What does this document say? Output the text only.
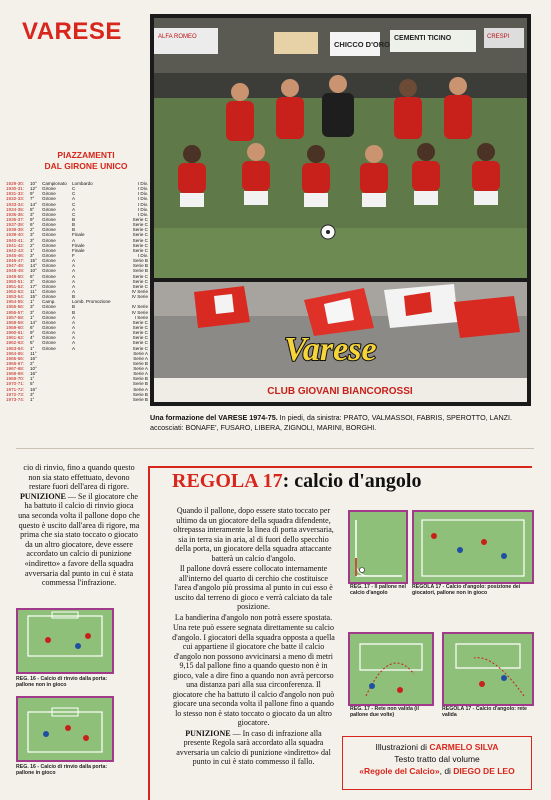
VARESE
PIAZZAMENTI
DAL GIRONE UNICO
1929-30:	10°	Campionato	Lombardo	I Div.
1930-31:	12°	Girone	C	I Div.
1931-32:	9°	Girone	C	I Div.
1932-33:	7°	Girone	A	I Div.
1933-34:	14°	Girone	C	I Div.
1934-35:	8°	Girone	A	I Div.
1935-36:	3°	Girone	C	I Div.
1936-37:	9°	Girone	B	Serie C
1937-38:	6°	Girone	B	Serie C
1938-39:	2°	Girone	B	Serie C
1939-40:	3°	Girone	Finale	Serie C
1940-41:	3°	Girone	A	Serie C
1941-42:	2°	Girone	Finale	Serie C
1942-43:	1°	Girone	Finale	Serie C
1945-46:	3°	Girone	F	I Div.
1946-47:	15°	Girone	A	Serie B
1947-48:	14°	Girone	A	Serie B
1948-49:	10°	Girone	A	Serie B
1949-50:	6°	Girone	A	Serie C
1950-51:	3°	Girone	A	Serie C
1951-52:	17°	Girone	A	Serie C
1952-53:	11°	Girone	A	IV Serie
1953-54:	15°	Girone	B	IV Serie
1954-55:	1°	Camp.	Lomb. Promozione
1955-56:	3°	Girone	B	IV Serie
1956-57:	3°	Girone	B	IV Serie
1957-58:	1°	Girone	A	I Serie
1958-59:	14°	Girone	A	Serie C
1959-60:	6°	Girone	A	Serie C
1960-61:	9°	Girone	A	Serie C
1961-62:	4°	Girone	A	Serie C
1962-63:	5°	Girone	A	Serie C
1963-64:	1°	Girone	A	Serie C
1964-65:	11°	Serie A
1965-66:	16°	Serie A
1966-67:	2°	Serie B
1967-68:	10°	Serie A
1968-69:	16°	Serie A
1969-70:	1°	Serie B
1970-71:	5°	Serie B
1971-72:	16°	Serie A
1972-73:	3°	Serie B
1973-74:	1°	Serie B
ALFA ROMEO
CHICCO D'ORO
CEMENTI TICINO	CRESPI
CLUB GIOVANI BIANCOROSSI
Varese
Una formazione del VARESE 1974-75. In piedi, da sinistra: PRATO, VALMASSOI, FABRIS, SPEROTTO, LANZI. accosciati: BONAFE', FUSARO, LIBERA, ZIGNOLI, MARINI, BORGHI.

cio di rinvio, fino a quando questo non sia stato effettuato, devono restare fuori dell'area di rigore.

PUNIZIONE — Se il giocatore che ha battuto il calcio di rinvio gioca una seconda volta il pallone dopo che questo è uscito dall'area di rigore, ma prima che sia stato toccato o giocato da un altro giocatore, deve essere accordato un calcio di punizione «indiretto» a favore della squadra avversaria dal punto in cui è stata commessa l'infrazione.

REG. 16 - Calcio di rinvio dalla porta: pallone non in gioco
REG. 16 - Calcio di rinvio dalla porta: pallone in gioco
REGOLA 17: calcio d'angolo

Quando il pallone, dopo essere stato toccato per ultimo da un giocatore della squadra difendente, oltrepassa interamente la linea di porta avversaria, sia in terra sia in aria, al di fuori dello specchio della porta, un giocatore della squadra attaccante batterà un calcio d'angolo.

Il pallone dovrà essere collocato internamente all'interno del quarto di cerchio che costituisce l'area d'angolo più prossima al punto in cui esso è uscito dal terreno di gioco e verrà calciato da tale posizione.

La bandierina d'angolo non potrà essere spostata.

Una rete può essere segnata direttamente su calcio d'angolo. I giocatori della squadra opposta a quella cui appartiene il giocatore che batte il calcio d'angolo non possono avvicinarsi a meno di metri 9,15 dal pallone fino a quando questo non è in gioco, vale a dire fino a quando non avrà percorso una distanza pari alla sua circonferenza. Il giocatore che ha battuto il calcio d'angolo non può giocare una seconda volta il pallone fino a quando lo stesso non è stato toccato o giocato da un altro giocatore.

PUNIZIONE — In caso di infrazione alla presente Regola sarà accordato alla squadra avversaria un calcio di punizione «indiretto» dal punto in cui è stato commesso il fallo.

REG. 17 - Il pallone nel calcio d'angolo
REGOLA 17 - Calcio d'angolo: posizione dei giocatori, pallone non in gioco
REG. 17 - Rete non valida (il pallone due volte)
REGOLA 17 - Calcio d'angolo: rete valida
Illustrazioni di CARMELO SILVA
Testo tratto dal volume
«Regole del Calcio», di DIEGO DE LEO
